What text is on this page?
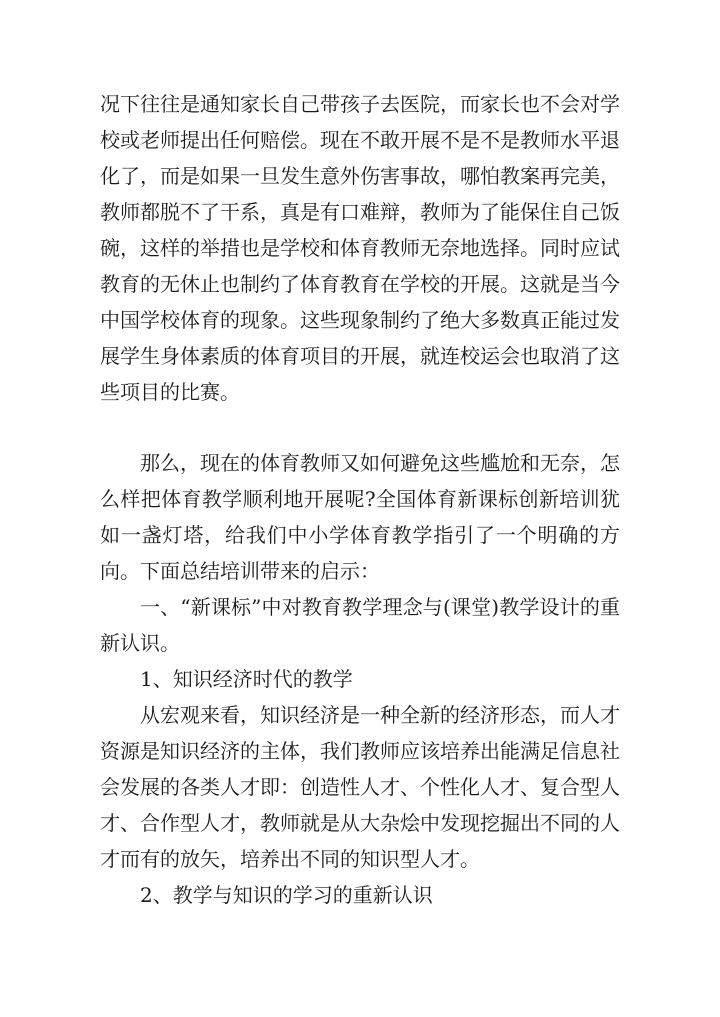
况下往往是通知家长自己带孩子去医院，而家长也不会对学校或老师提出任何赔偿。现在不敢开展不是不是教师水平退化了，而是如果一旦发生意外伤害事故，哪怕教案再完美，教师都脱不了干系，真是有口难辩，教师为了能保住自己饭碗，这样的举措也是学校和体育教师无奈地选择。同时应试教育的无休止也制约了体育教育在学校的开展。这就是当今中国学校体育的现象。这些现象制约了绝大多数真正能过发展学生身体素质的体育项目的开展，就连校运会也取消了这些项目的比赛。

那么，现在的体育教师又如何避免这些尴尬和无奈，怎么样把体育教学顺利地开展呢?全国体育新课标创新培训犹如一盏灯塔，给我们中小学体育教学指引了一个明确的方向。 下面总结培训带来的启示：

一、“新课标”中对教育教学理念与(课堂)教学设计的重新认识。

1、知识经济时代的教学

从宏观来看，知识经济是一种全新的经济形态，而人才资源是知识经济的主体，我们教师应该培养出能满足信息社会发展的各类人才即：创造性人才、个性化人才、复合型人才、合作型人才，教师就是从大杂烩中发现挖掘出不同的人才而有的放矢，培养出不同的知识型人才。

2、教学与知识的学习的重新认识
